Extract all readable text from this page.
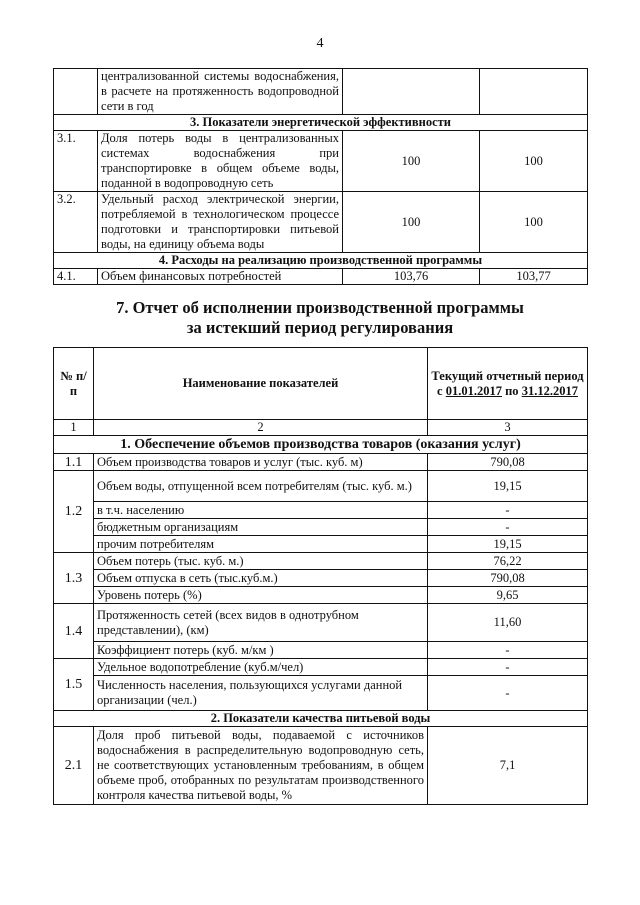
4
	централизованной системы водоснабжения, в расчете на протяженность водопроводной сети в год		
3. Показатели энергетической эффективности			
3.1.	Доля потерь воды в централизованных системах водоснабжения при транспортировке в общем объеме воды, поданной в водопроводную сеть	100	100
3.2.	Удельный расход электрической энергии, потребляемой в технологическом процессе подготовки и транспортировки питьевой воды, на единицу объема воды	100	100
4. Расходы на реализацию производственной программы			
4.1.	Объем финансовых потребностей	103,76	103,77
7. Отчет об исполнении производственной программы
за истекший период регулирования
№ п/п	Наименование показателей	Текущий отчетный период
с 01.01.2017 по 31.12.2017

1	2	3
1. Обеспечение объемов производства товаров (оказания услуг)		
1.1	Объем производства товаров и услуг (тыс. куб. м)	790,08
1.2	Объем воды, отпущенной всем потребителям (тыс. куб. м.)	19,15
	в т.ч. населению	-
	бюджетным организациям	-
	прочим потребителям	19,15
1.3	Объем потерь (тыс. куб. м.)	76,22
	Объем отпуска в сеть (тыс.куб.м.)	790,08
	Уровень потерь (%)	9,65
1.4	Протяженность сетей (всех видов в однотрубном представлении), (км)	11,60
	Коэффициент потерь (куб. м/км )	-
1.5	Удельное водопотребление (куб.м/чел)	-
	Численность населения, пользующихся услугами данной организации (чел.)	-
2. Показатели качества питьевой воды		
2.1	Доля проб питьевой воды, подаваемой с источников водоснабжения в распределительную водопроводную сеть, не соответствующих установленным требованиям, в общем объеме проб, отобранных по результатам производственного контроля качества питьевой воды, %	7,1
